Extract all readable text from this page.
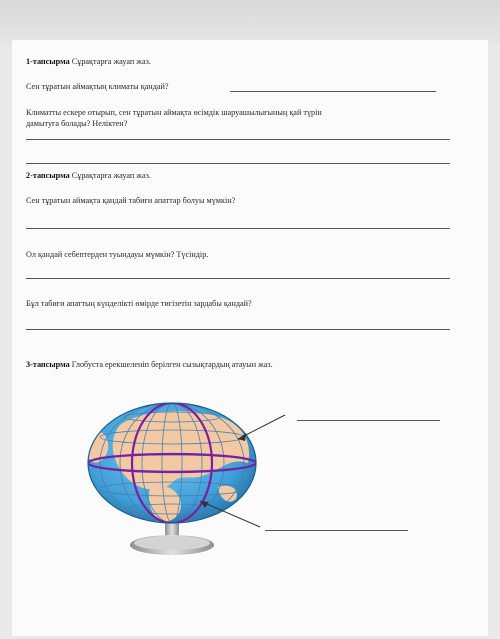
1-тапсырма Сұрақтарға жауап жаз.
Сен тұратын аймақтың климаты қандай?
Климатты ескере отырып, сен тұратын аймақта өсімдік шаруашылығының қай түрін
дамытуға болады? Неліктен?
2-тапсырма Сұрақтарға жауап жаз.
Сен тұратын аймақта қандай табиғи апаттар болуы мүмкін?
Ол қандай себептерден туындауы мүмкін? Түсіндір.
Бұл табиғи апаттың күнделікті өмірде тигізетін зардабы қандай?
3-тапсырма Глобуста ерекшеленіп берілген сызықтардың атауын жаз.
